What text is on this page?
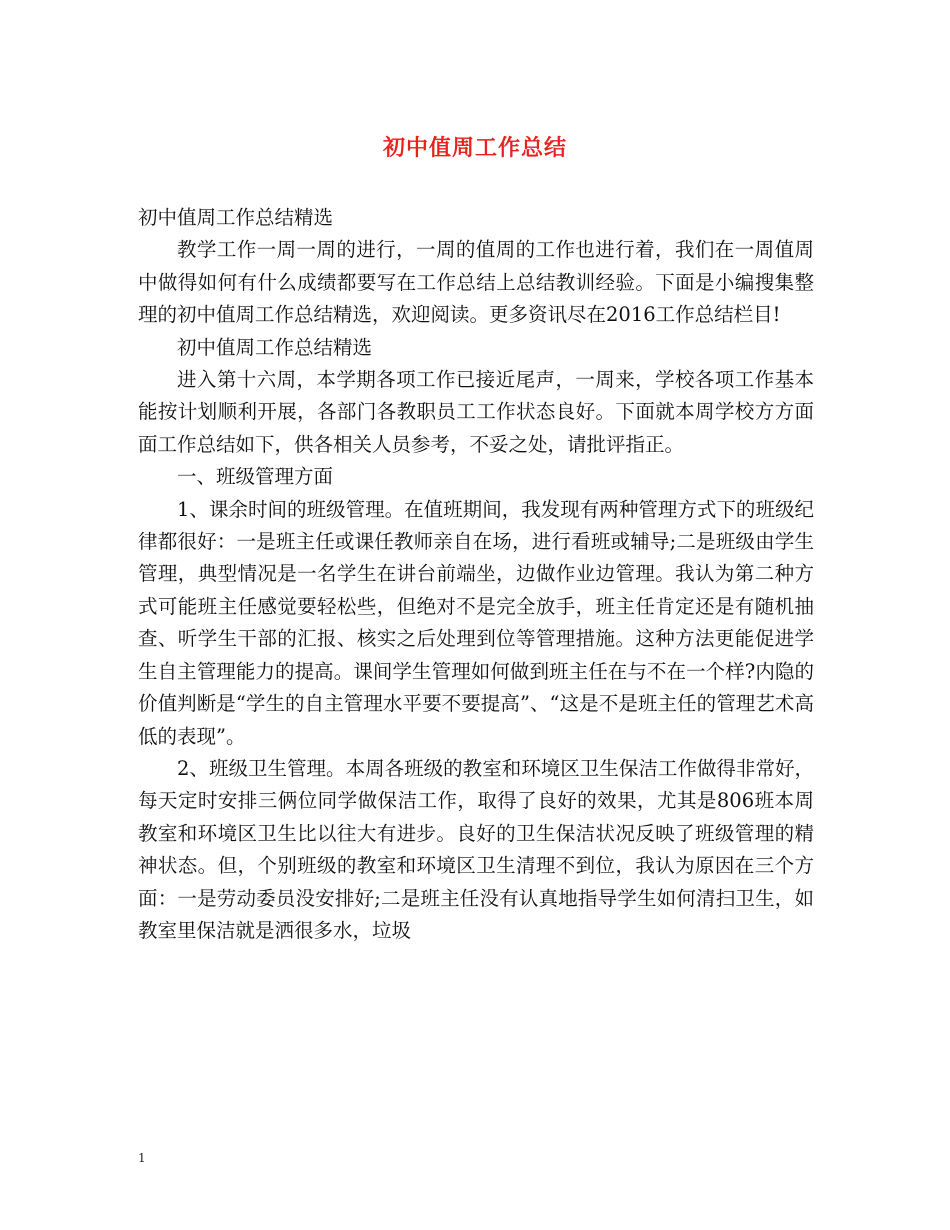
初中值周工作总结

初中值周工作总结精选

教学工作一周一周的进行，一周的值周的工作也进行着，我们在一周值周中做得如何有什么成绩都要写在工作总结上总结教训经验。下面是小编搜集整理的初中值周工作总结精选，欢迎阅读。更多资讯尽在2016工作总结栏目!

初中值周工作总结精选

进入第十六周，本学期各项工作已接近尾声，一周来，学校各项工作基本能按计划顺利开展，各部门各教职员工工作状态良好。下面就本周学校方方面面工作总结如下，供各相关人员参考，不妥之处，请批评指正。

一、班级管理方面

1、课余时间的班级管理。在值班期间，我发现有两种管理方式下的班级纪律都很好：一是班主任或课任教师亲自在场，进行看班或辅导;二是班级由学生管理，典型情况是一名学生在讲台前端坐，边做作业边管理。我认为第二种方式可能班主任感觉要轻松些，但绝对不是完全放手，班主任肯定还是有随机抽查、听学生干部的汇报、核实之后处理到位等管理措施。这种方法更能促进学生自主管理能力的提高。课间学生管理如何做到班主任在与不在一个样?内隐的价值判断是“学生的自主管理水平要不要提高”、“这是不是班主任的管理艺术高低的表现”。

2、班级卫生管理。本周各班级的教室和环境区卫生保洁工作做得非常好，每天定时安排三俩位同学做保洁工作，取得了良好的效果，尤其是806班本周教室和环境区卫生比以往大有进步。良好的卫生保洁状况反映了班级管理的精神状态。但，个别班级的教室和环境区卫生清理不到位，我认为原因在三个方面：一是劳动委员没安排好;二是班主任没有认真地指导学生如何清扫卫生，如教室里保洁就是洒很多水，垃圾

1
